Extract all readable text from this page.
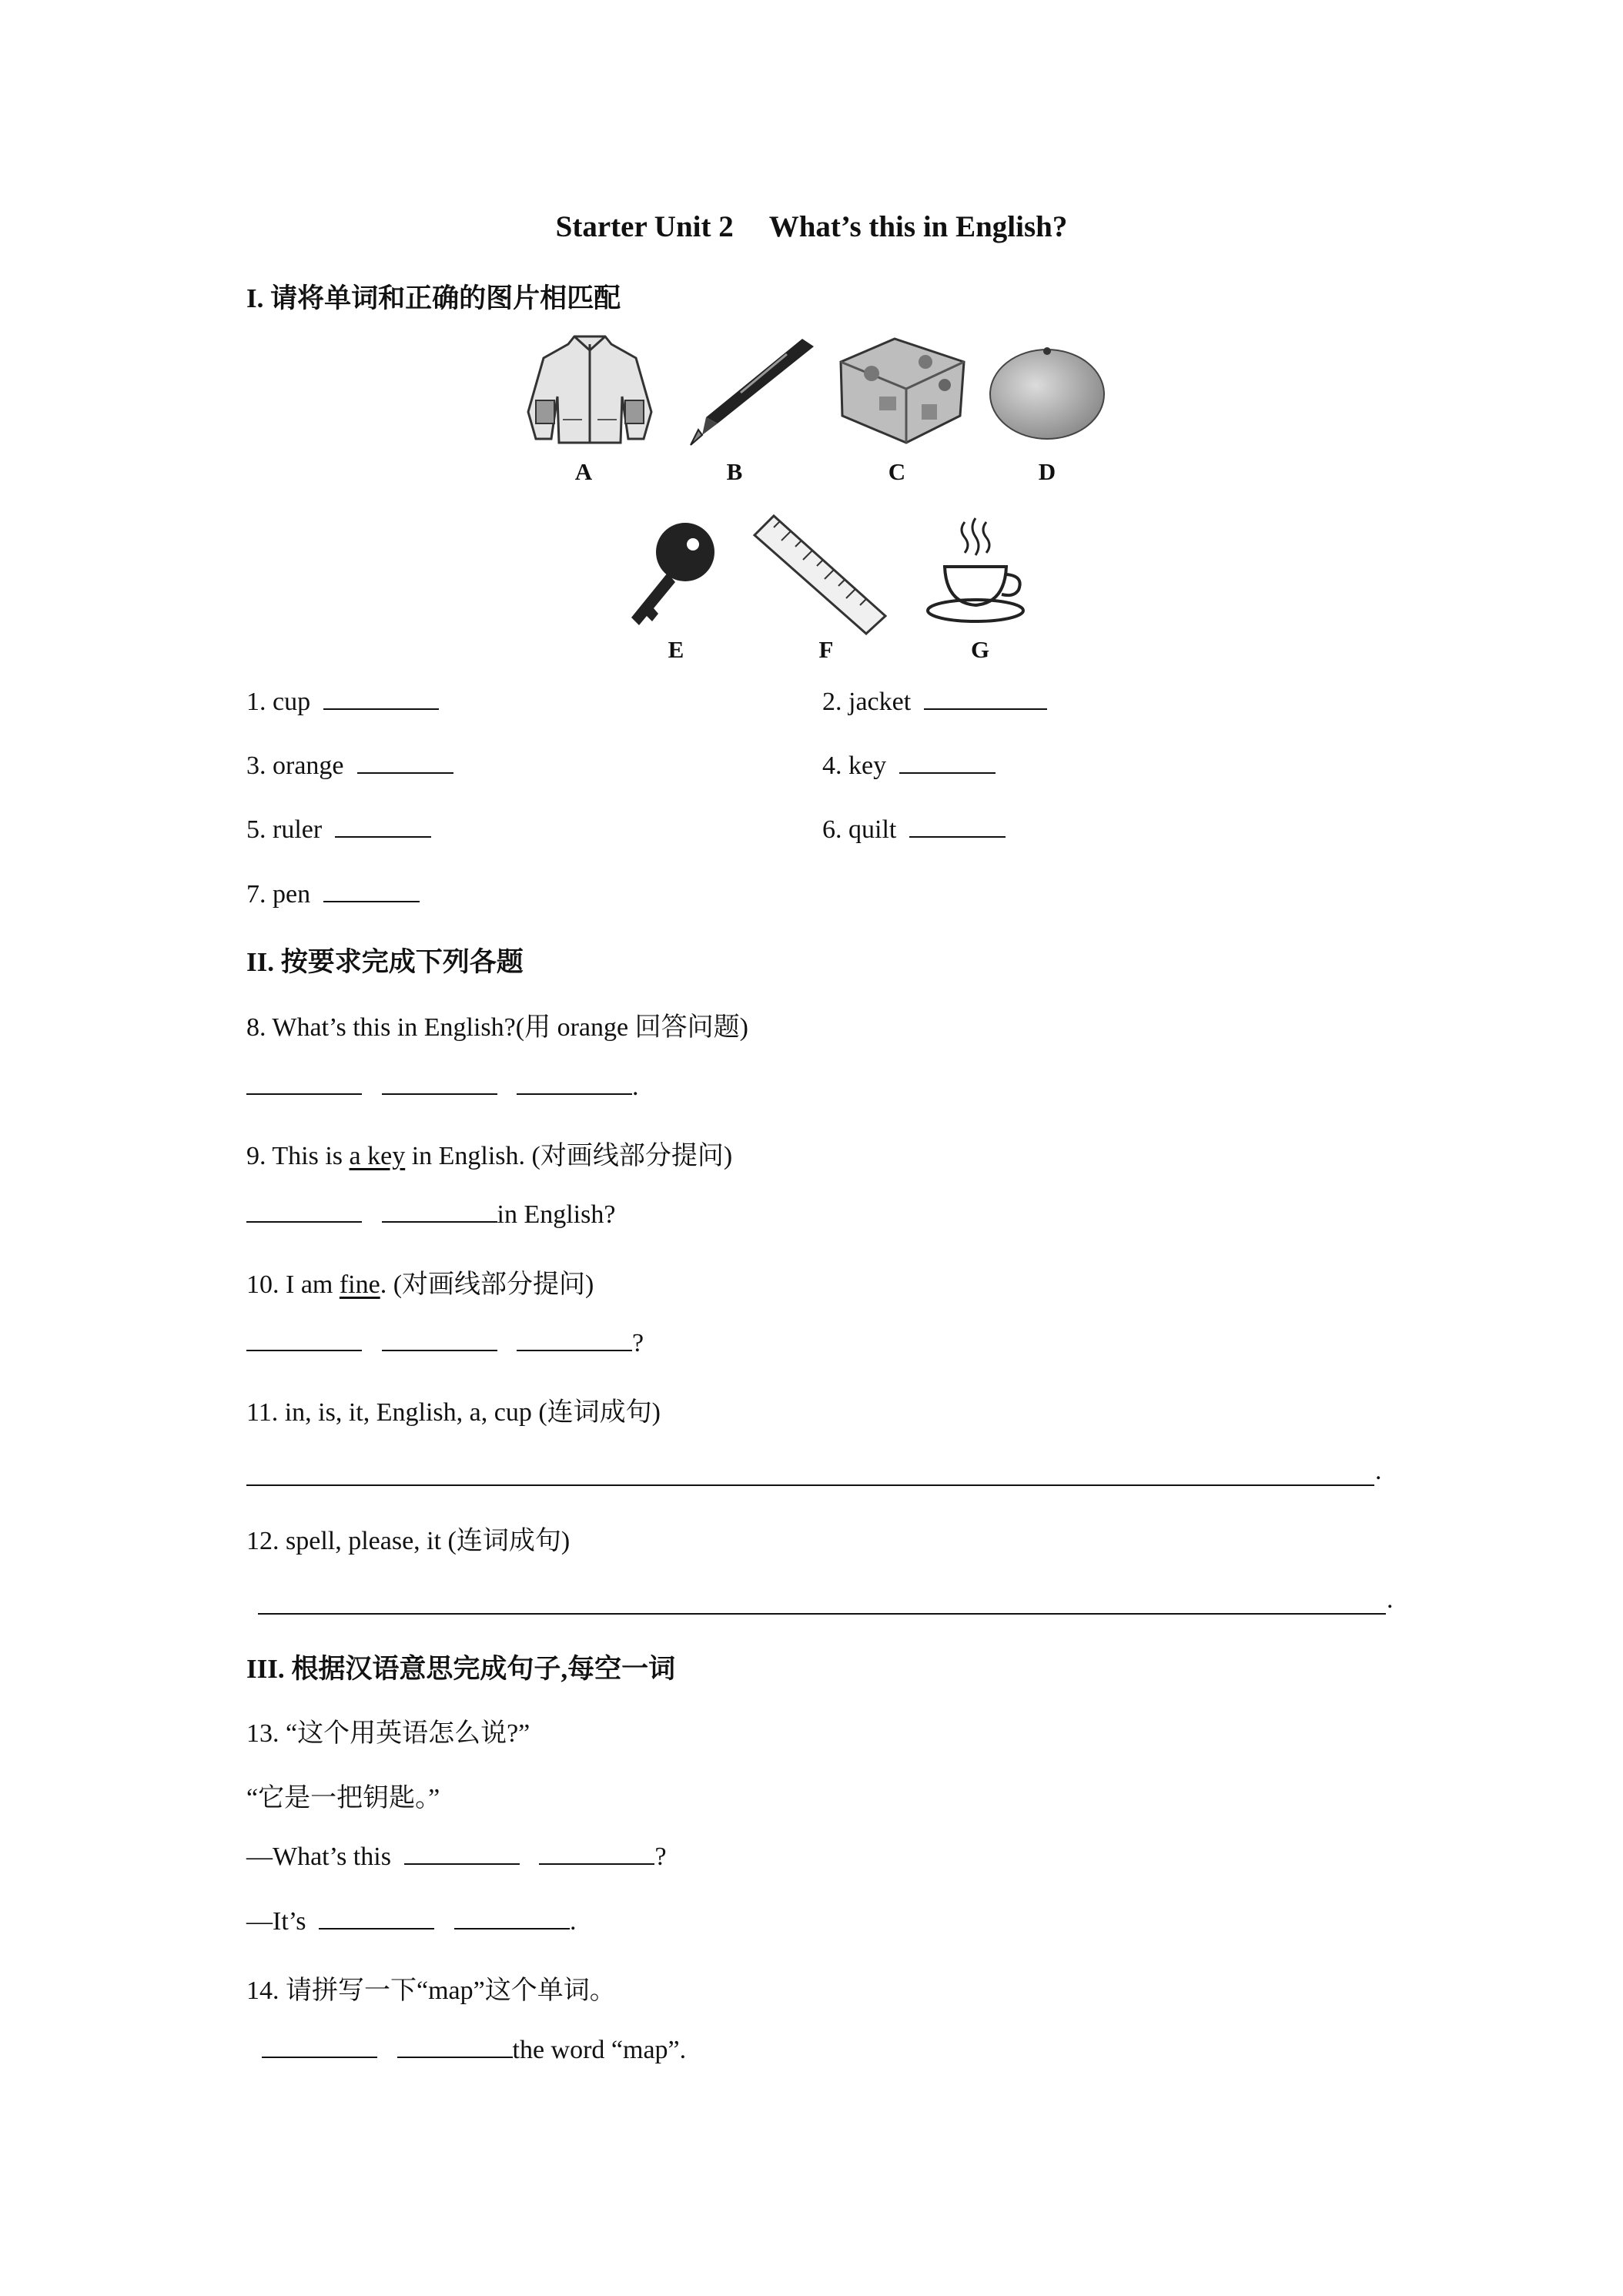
Starter Unit 2 What’s this in English?
I. 请将单词和正确的图片相匹配
A	B	C	D
E	F	G
1. cup	2. jacket
3. orange	4. key
5. ruler	6. quilt
7. pen
II. 按要求完成下列各题
8. What’s this in English?(用 orange 回答问题)
.
9. This is a key in English. (对画线部分提问)
in English?
10. I am fine. (对画线部分提问)
?
11. in, is, it, English, a, cup (连词成句)
.
12. spell, please, it (连词成句)
.
III. 根据汉语意思完成句子,每空一词
13. “这个用英语怎么说?”
“它是一把钥匙。”
—What’s this	?
—It’s	.
14. 请拼写一下“map”这个单词。
the word “map”.
